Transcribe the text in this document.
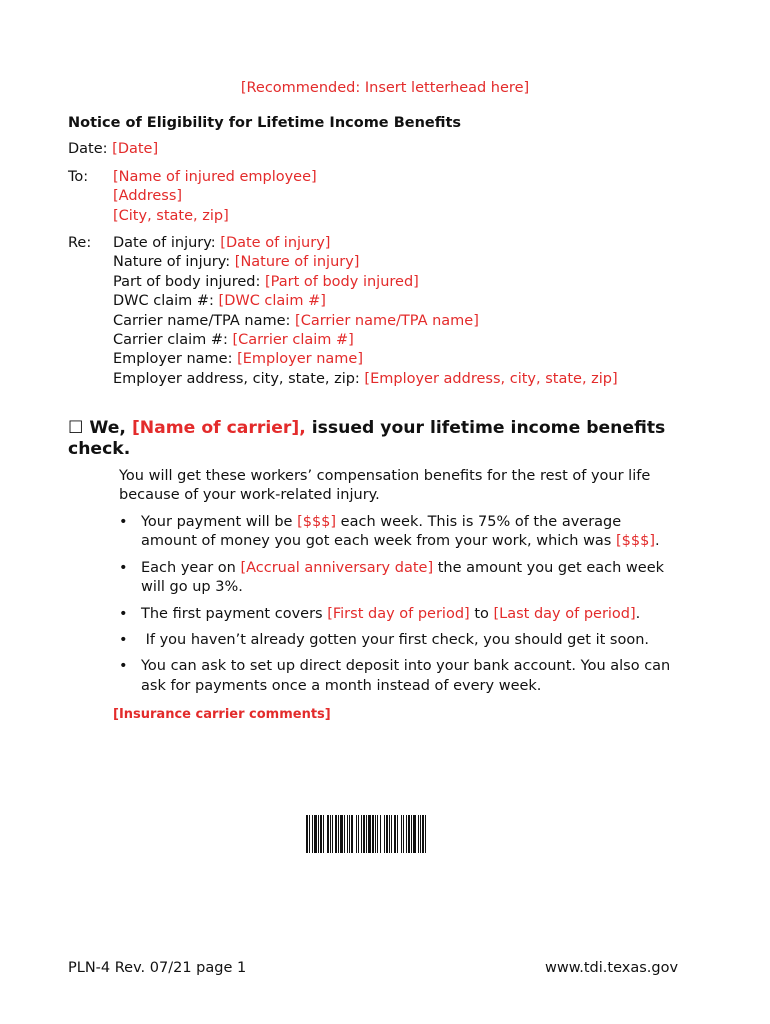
[Recommended: Insert letterhead here]
Notice of Eligibility for Lifetime Income Benefits
Date: [Date]
To: [Name of injured employee]
[Address]
[City, state, zip]
Re: Date of injury: [Date of injury]
Nature of injury: [Nature of injury]
Part of body injured: [Part of body injured]
DWC claim #: [DWC claim #]
Carrier name/TPA name: [Carrier name/TPA name]
Carrier claim #: [Carrier claim #]
Employer name: [Employer name]
Employer address, city, state, zip: [Employer address, city, state, zip]
☐ We, [Name of carrier], issued your lifetime income benefits
check.
You will get these workers’ compensation benefits for the rest of your life
because of your work-related injury.
• Your payment will be [$$$] each week. This is 75% of the average
amount of money you got each week from your work, which was [$$$].
• Each year on [Accrual anniversary date] the amount you get each week
will go up 3%.
• The first payment covers [First day of period] to [Last day of period].
• If you haven’t already gotten your first check, you should get it soon.
• You can ask to set up direct deposit into your bank account. You also can
ask for payments once a month instead of every week.
[Insurance carrier comments]
PLN-4 Rev. 07/21 page 1	www.tdi.texas.gov
